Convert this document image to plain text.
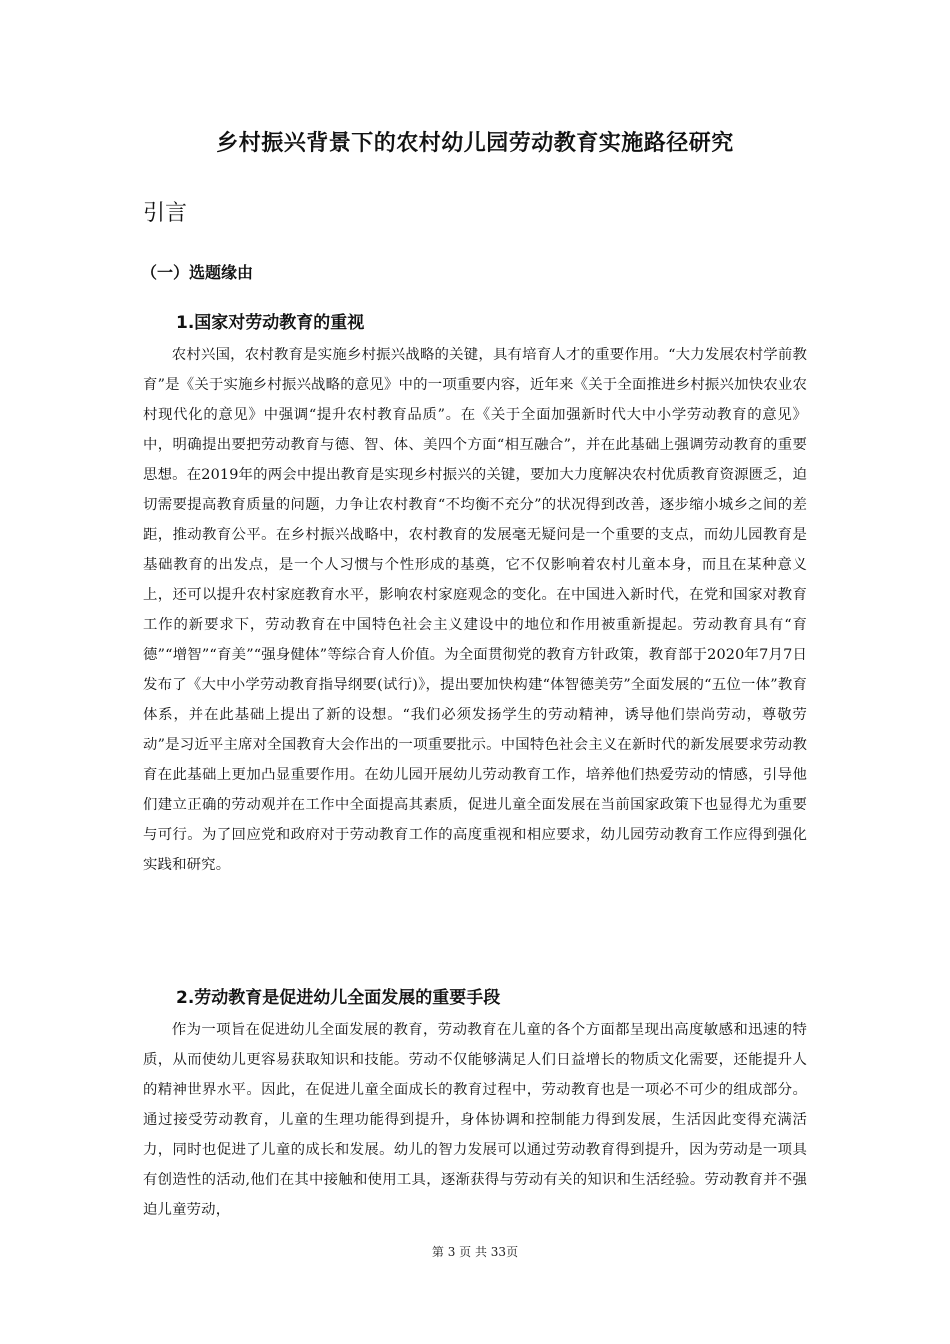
乡村振兴背景下的农村幼儿园劳动教育实施路径研究
引言
（一）选题缘由
1.国家对劳动教育的重视

农村兴国，农村教育是实施乡村振兴战略的关键，具有培育人才的重要作用。“大力发展农村学前教育”是《关于实施乡村振兴战略的意见》中的一项重要内容，近年来《关于全面推进乡村振兴加快农业农村现代化的意见》中强调“提升农村教育品质”。在《关于全面加强新时代大中小学劳动教育的意见》中，明确提出要把劳动教育与德、智、体、美四个方面“相互融合”，并在此基础上强调劳动教育的重要思想。在2019年的两会中提出教育是实现乡村振兴的关键，要加大力度解决农村优质教育资源匮乏，迫切需要提高教育质量的问题，力争让农村教育“不均衡不充分”的状况得到改善，逐步缩小城乡之间的差距，推动教育公平。在乡村振兴战略中，农村教育的发展毫无疑问是一个重要的支点，而幼儿园教育是基础教育的出发点，是一个人习惯与个性形成的基奠，它不仅影响着农村儿童本身，而且在某种意义上，还可以提升农村家庭教育水平，影响农村家庭观念的变化。在中国进入新时代，在党和国家对教育工作的新要求下，劳动教育在中国特色社会主义建设中的地位和作用被重新提起。劳动教育具有“育德”“增智”“育美”“强身健体”等综合育人价值。为全面贯彻党的教育方针政策，教育部于2020年7月7日发布了《大中小学劳动教育指导纲要(试行)》，提出要加快构建“体智德美劳”全面发展的“五位一体”教育体系，并在此基础上提出了新的设想。“我们必须发扬学生的劳动精神，诱导他们崇尚劳动，尊敬劳动”是习近平主席对全国教育大会作出的一项重要批示。中国特色社会主义在新时代的新发展要求劳动教育在此基础上更加凸显重要作用。在幼儿园开展幼儿劳动教育工作，培养他们热爱劳动的情感，引导他们建立正确的劳动观并在工作中全面提高其素质，促进儿童全面发展在当前国家政策下也显得尤为重要与可行。为了回应党和政府对于劳动教育工作的高度重视和相应要求，幼儿园劳动教育工作应得到强化实践和研究。

2.劳动教育是促进幼儿全面发展的重要手段

作为一项旨在促进幼儿全面发展的教育，劳动教育在儿童的各个方面都呈现出高度敏感和迅速的特质，从而使幼儿更容易获取知识和技能。劳动不仅能够满足人们日益增长的物质文化需要，还能提升人的精神世界水平。因此，在促进儿童全面成长的教育过程中，劳动教育也是一项必不可少的组成部分。通过接受劳动教育，儿童的生理功能得到提升，身体协调和控制能力得到发展，生活因此变得充满活力，同时也促进了儿童的成长和发展。幼儿的智力发展可以通过劳动教育得到提升，因为劳动是一项具有创造性的活动,他们在其中接触和使用工具，逐渐获得与劳动有关的知识和生活经验。劳动教育并不强迫儿童劳动，

第 3 页 共 33页
